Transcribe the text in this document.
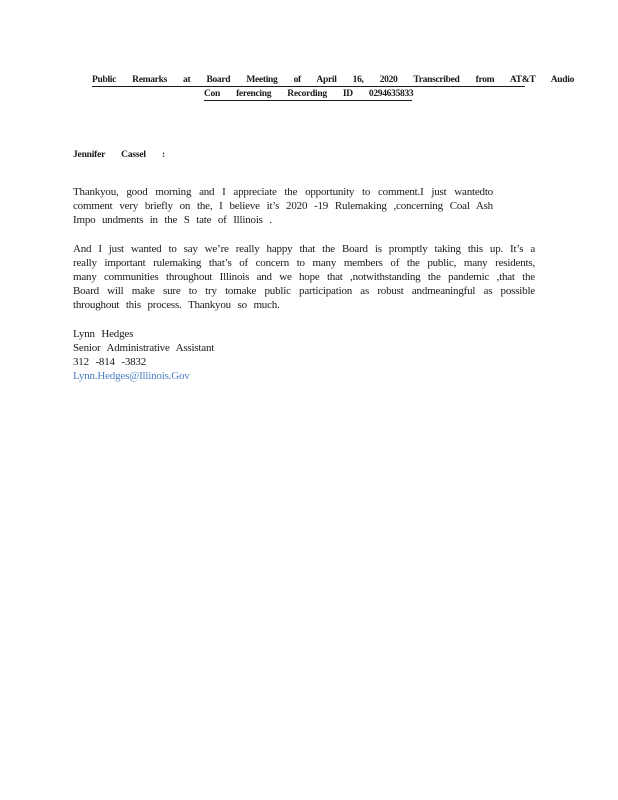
Public Remarks at Board Meeting of April 16, 2020 Transcribed from AT&T Audio
Con ferencing Recording ID 0294635833
Jennifer Cassel :

Thankyou, good morning and I appreciate the opportunity to comment.I just wantedto comment very briefly on the, I believe it’s 2020 -19 Rulemaking ,concerning Coal Ash Impo undments in the S tate of Illinois .

And I just wanted to say we’re really happy that the Board is promptly taking this up. It’s a really important rulemaking that’s of concern to many members of the public, many residents, many communities throughout Illinois and we hope that ,notwithstanding the pandemic ,that the Board will make sure to try tomake public participation as robust andmeaningful as possible throughout this process. Thankyou so much.

Lynn Hedges
Senior Administrative Assistant
312 -814 -3832
Lynn.Hedges@Illinois.Gov
